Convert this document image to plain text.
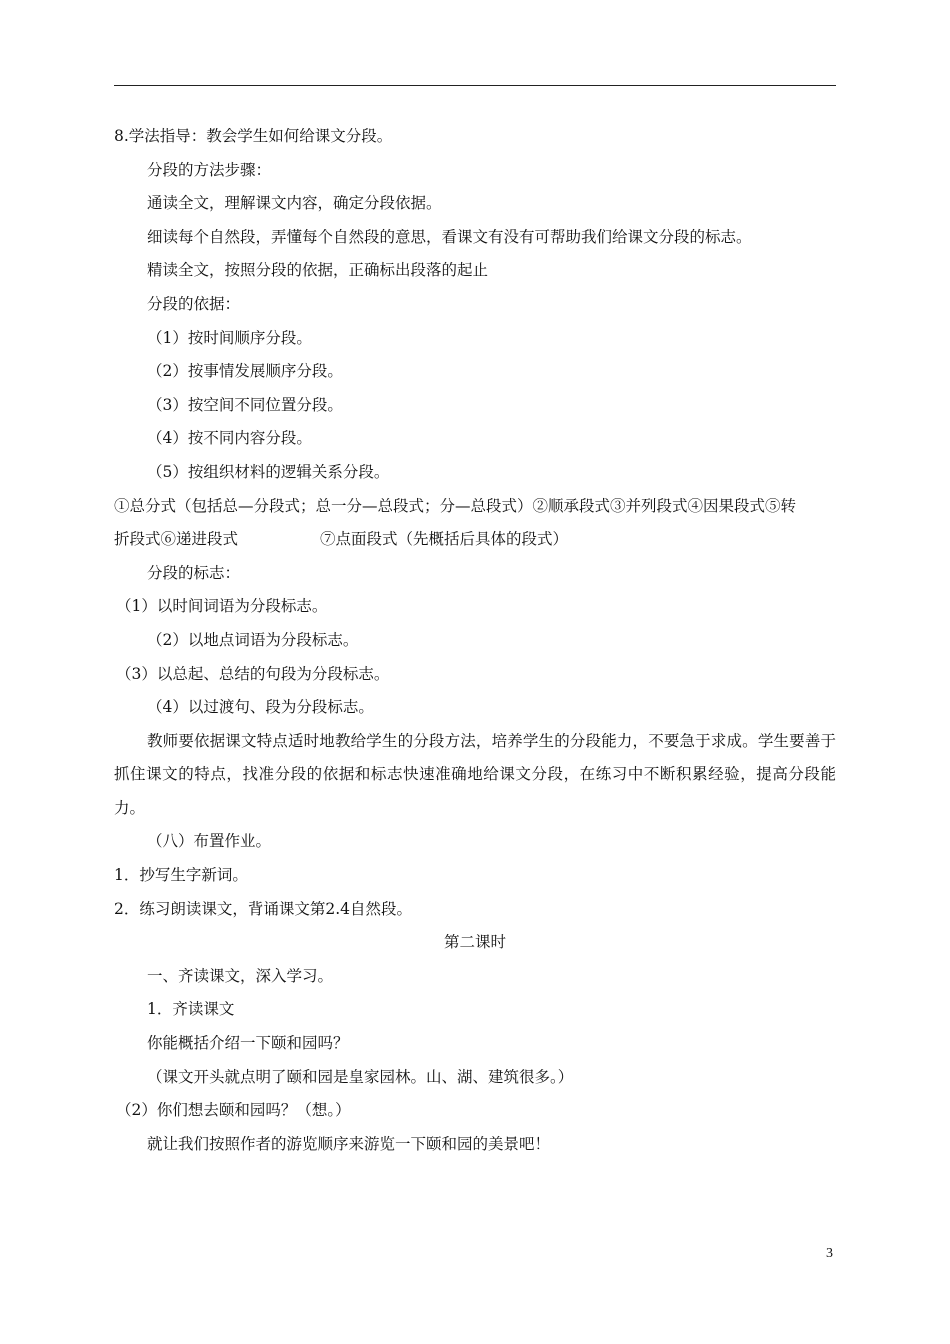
8.学法指导：教会学生如何给课文分段。
分段的方法步骤：
通读全文，理解课文内容，确定分段依据。
细读每个自然段，弄懂每个自然段的意思，看课文有没有可帮助我们给课文分段的标志。
精读全文，按照分段的依据，正确标出段落的起止
分段的依据：
（1）按时间顺序分段。
（2）按事情发展顺序分段。
（3）按空间不同位置分段。
（4）按不同内容分段。
（5）按组织材料的逻辑关系分段。
①总分式（包括总—分段式；总一分—总段式；分—总段式）②顺承段式③并列段式④因果段式⑤转
折段式⑥递进段式	⑦点面段式（先概括后具体的段式）
分段的标志：
（1）以时间词语为分段标志。
（2）以地点词语为分段标志。
（3）以总起、总结的句段为分段标志。
（4）以过渡句、段为分段标志。
教师要依据课文特点适时地教给学生的分段方法，培养学生的分段能力，不要急于求成。学生要善于抓住课文的特点，找准分段的依据和标志快速准确地给课文分段，在练习中不断积累经验，提高分段能力。
（八）布置作业。
1．抄写生字新词。
2．练习朗读课文，背诵课文第2.4自然段。
第二课时
一、齐读课文，深入学习。
1．齐读课文
你能概括介绍一下颐和园吗？
（课文开头就点明了颐和园是皇家园林。山、湖、建筑很多。）
（2）你们想去颐和园吗？（想。）
就让我们按照作者的游览顺序来游览一下颐和园的美景吧！
3
